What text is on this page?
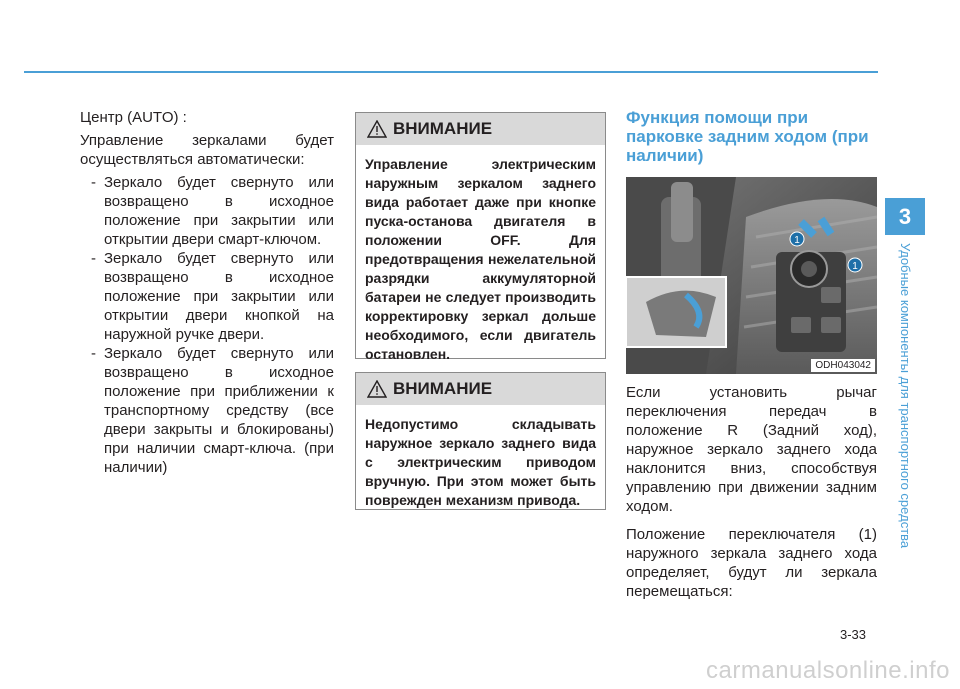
Центр (AUTO) :

Управление зеркалами будет осуществляться автоматически:

- Зеркало будет свернуто или возвращено в исходное положение при закрытии или открытии двери смарт-ключом.
- Зеркало будет свернуто или возвращено в исходное положение при закрытии или открытии двери кнопкой на наружной ручке двери.
- Зеркало будет свернуто или возвращено в исходное положение при приближении к транспортному средству (все двери закрыты и блокированы) при наличии смарт-ключа. (при наличии)
ВНИМАНИЕ
Управление электрическим наружным зеркалом заднего вида работает даже при кнопке пуска-останова двигателя в положении OFF. Для предотвращения нежелательной разрядки аккумуляторной батареи не следует производить корректировку зеркал дольше необходимого, если двигатель остановлен.
ВНИМАНИЕ
Недопустимо складывать наружное зеркало заднего вида с электрическим приводом вручную. При этом может быть поврежден механизм привода.
Функция помощи при парковке задним ходом (при наличии)
1
1
ODH043042

Если установить рычаг переключения передач в положение R (Задний ход), наружное зеркало заднего хода наклонится вниз, способствуя управлению при движении задним ходом.

Положение переключателя (1) наружного зеркала заднего хода определяет, будут ли зеркала перемещаться:

3
Удобные компоненты для транспортного средства
3-33
carmanualsonline.info
